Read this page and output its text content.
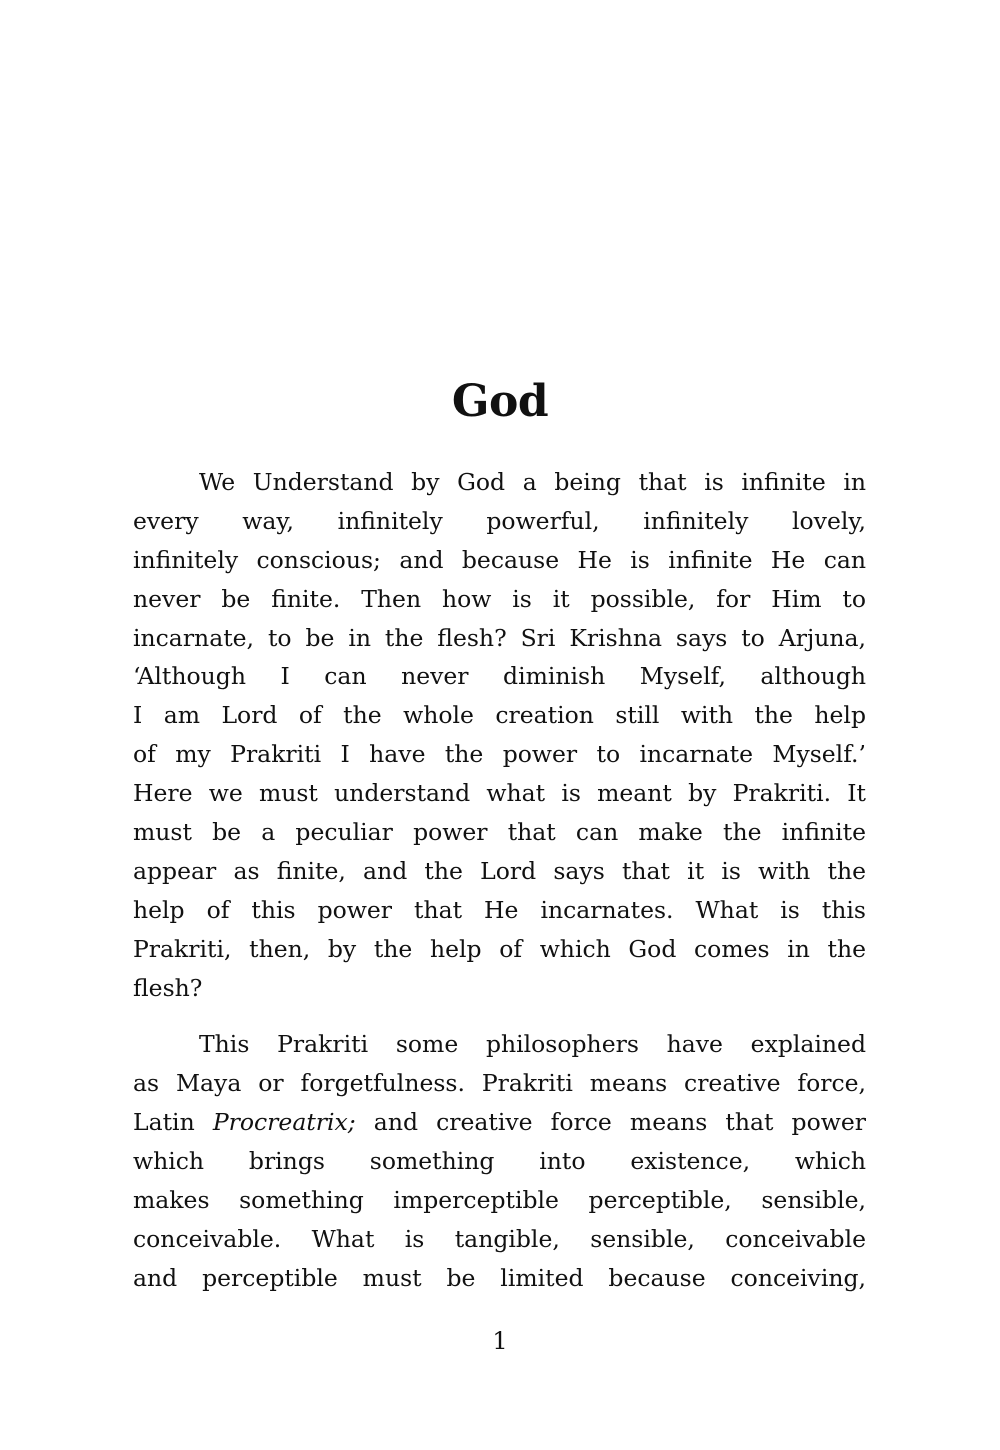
God
We Understand by God a being that is infinite in
every way, infinitely powerful, infinitely lovely,
infinitely conscious; and because He is infinite He can
never be finite. Then how is it possible, for Him to
incarnate, to be in the flesh? Sri Krishna says to Arjuna,
‘Although I can never diminish Myself, although
I am Lord of the whole creation still with the help
of my Prakriti I have the power to incarnate Myself.’
Here we must understand what is meant by Prakriti. It
must be a peculiar power that can make the infinite
appear as finite, and the Lord says that it is with the
help of this power that He incarnates. What is this
Prakriti, then, by the help of which God comes in the
flesh?
This Prakriti some philosophers have explained
as Maya or forgetfulness. Prakriti means creative force,
Latin Procreatrix; and creative force means that power
which brings something into existence, which
makes something imperceptible perceptible, sensible,
conceivable. What is tangible, sensible, conceivable
and perceptible must be limited because conceiving,
1
